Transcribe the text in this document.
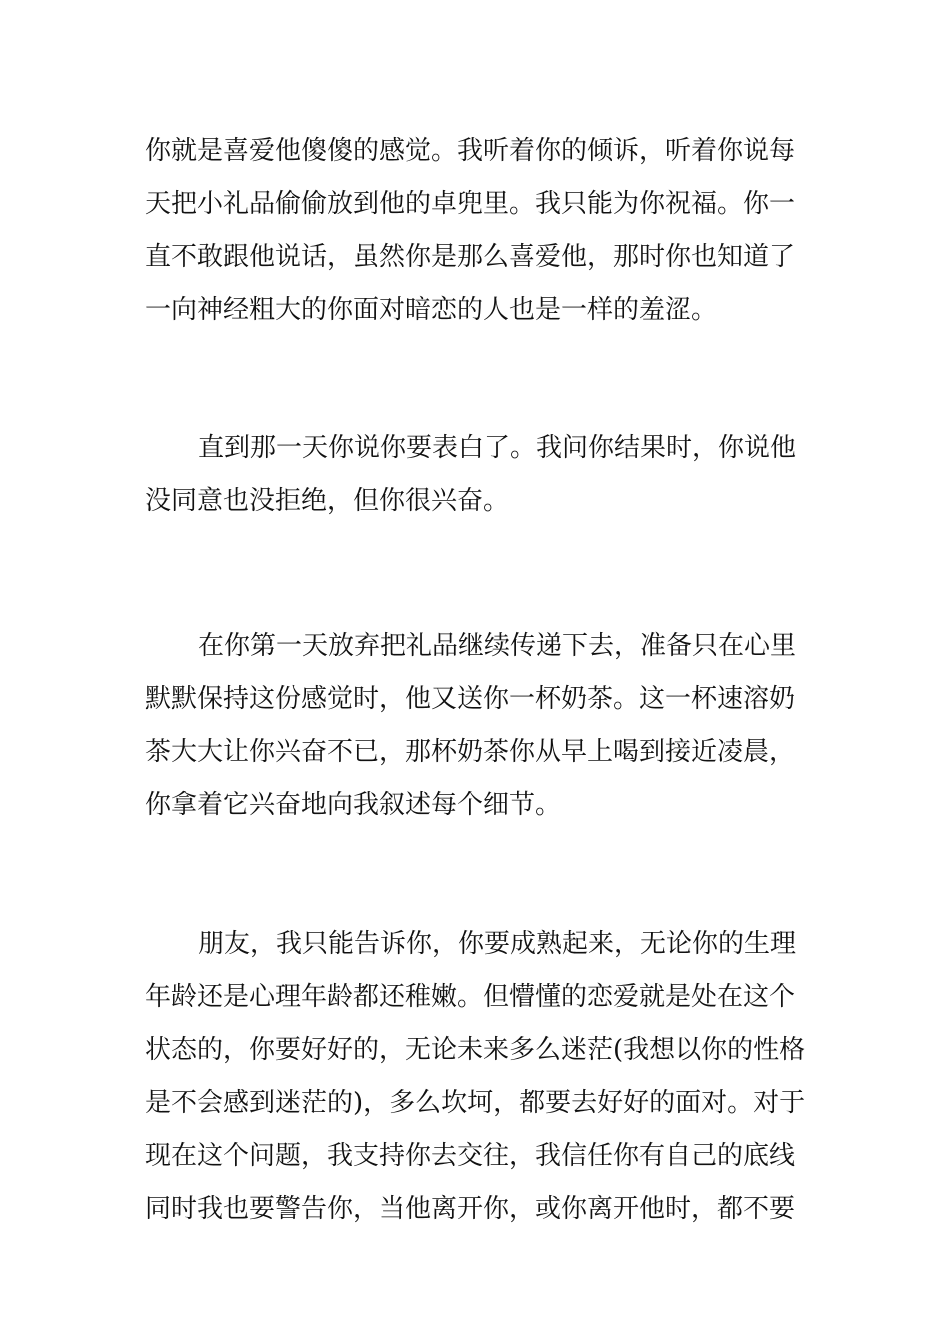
你就是喜爱他傻傻的感觉。我听着你的倾诉，听着你说每
天把小礼品偷偷放到他的卓兜里。我只能为你祝福。你一
直不敢跟他说话，虽然你是那么喜爱他，那时你也知道了
一向神经粗大的你面对暗恋的人也是一样的羞涩。
直到那一天你说你要表白了。我问你结果时，你说他
没同意也没拒绝，但你很兴奋。
在你第一天放弃把礼品继续传递下去，准备只在心里
默默保持这份感觉时，他又送你一杯奶茶。这一杯速溶奶
茶大大让你兴奋不已，那杯奶茶你从早上喝到接近凌晨，
你拿着它兴奋地向我叙述每个细节。
朋友，我只能告诉你，你要成熟起来，无论你的生理
年龄还是心理年龄都还稚嫩。但懵懂的恋爱就是处在这个
状态的，你要好好的，无论未来多么迷茫(我想以你的性格
是不会感到迷茫的)，多么坎坷，都要去好好的面对。对于
现在这个问题，我支持你去交往，我信任你有自己的底线
同时我也要警告你，当他离开你，或你离开他时，都不要
